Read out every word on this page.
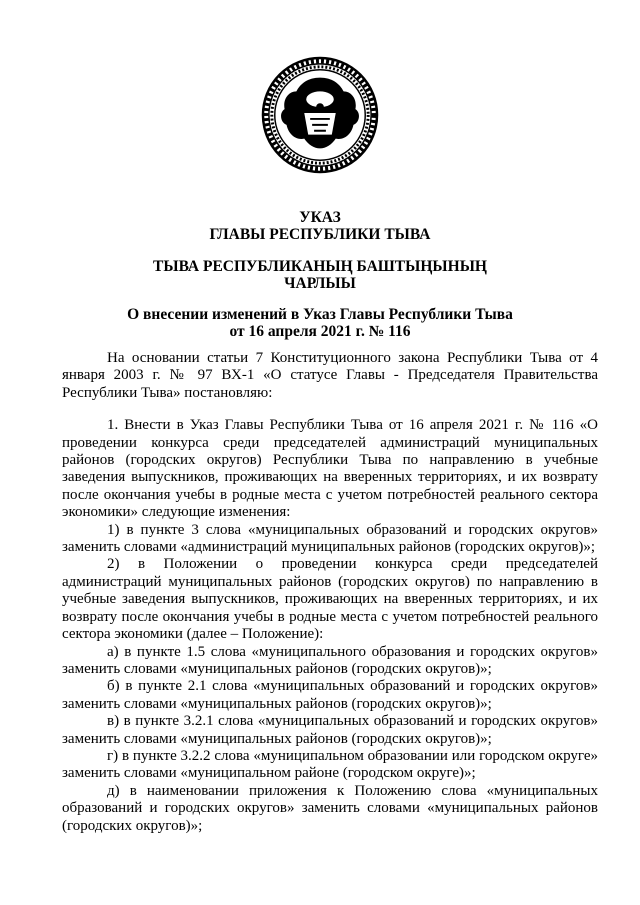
УКАЗ
ГЛАВЫ РЕСПУБЛИКИ ТЫВА
ТЫВА РЕСПУБЛИКАНЫҢ БАШТЫҢЫНЫҢ
ЧАРЛЫЫ
О внесении изменений в Указ Главы Республики Тыва
от 16 апреля 2021 г. № 116

На основании статьи 7 Конституционного закона Республики Тыва от 4 января 2003 г. № 97 ВХ-1 «О статусе Главы - Председателя Правительства Республики Тыва» постановляю:

1. Внести в Указ Главы Республики Тыва от 16 апреля 2021 г. № 116 «О проведении конкурса среди председателей администраций муниципальных районов (городских округов) Республики Тыва по направлению в учебные заведения выпускников, проживающих на вверенных территориях, и их возврату после окончания учебы в родные места с учетом потребностей реального сектора экономики» следующие изменения:

1) в пункте 3 слова «муниципальных образований и городских округов» заменить словами «администраций муниципальных районов (городских округов)»;

2) в Положении о проведении конкурса среди председателей администраций муниципальных районов (городских округов) по направлению в учебные заведения выпускников, проживающих на вверенных территориях, и их возврату после окончания учебы в родные места с учетом потребностей реального сектора экономики (далее – Положение):

а) в пункте 1.5 слова «муниципального образования и городских округов» заменить словами «муниципальных районов (городских округов)»;

б) в пункте 2.1 слова «муниципальных образований и городских округов» заменить словами «муниципальных районов (городских округов)»;

в) в пункте 3.2.1 слова «муниципальных образований и городских округов» заменить словами «муниципальных районов (городских округов)»;

г) в пункте 3.2.2 слова «муниципальном образовании или городском округе» заменить словами «муниципальном районе (городском округе)»;

д) в наименовании приложения к Положению слова «муниципальных образований и городских округов» заменить словами «муниципальных районов (городских округов)»;
